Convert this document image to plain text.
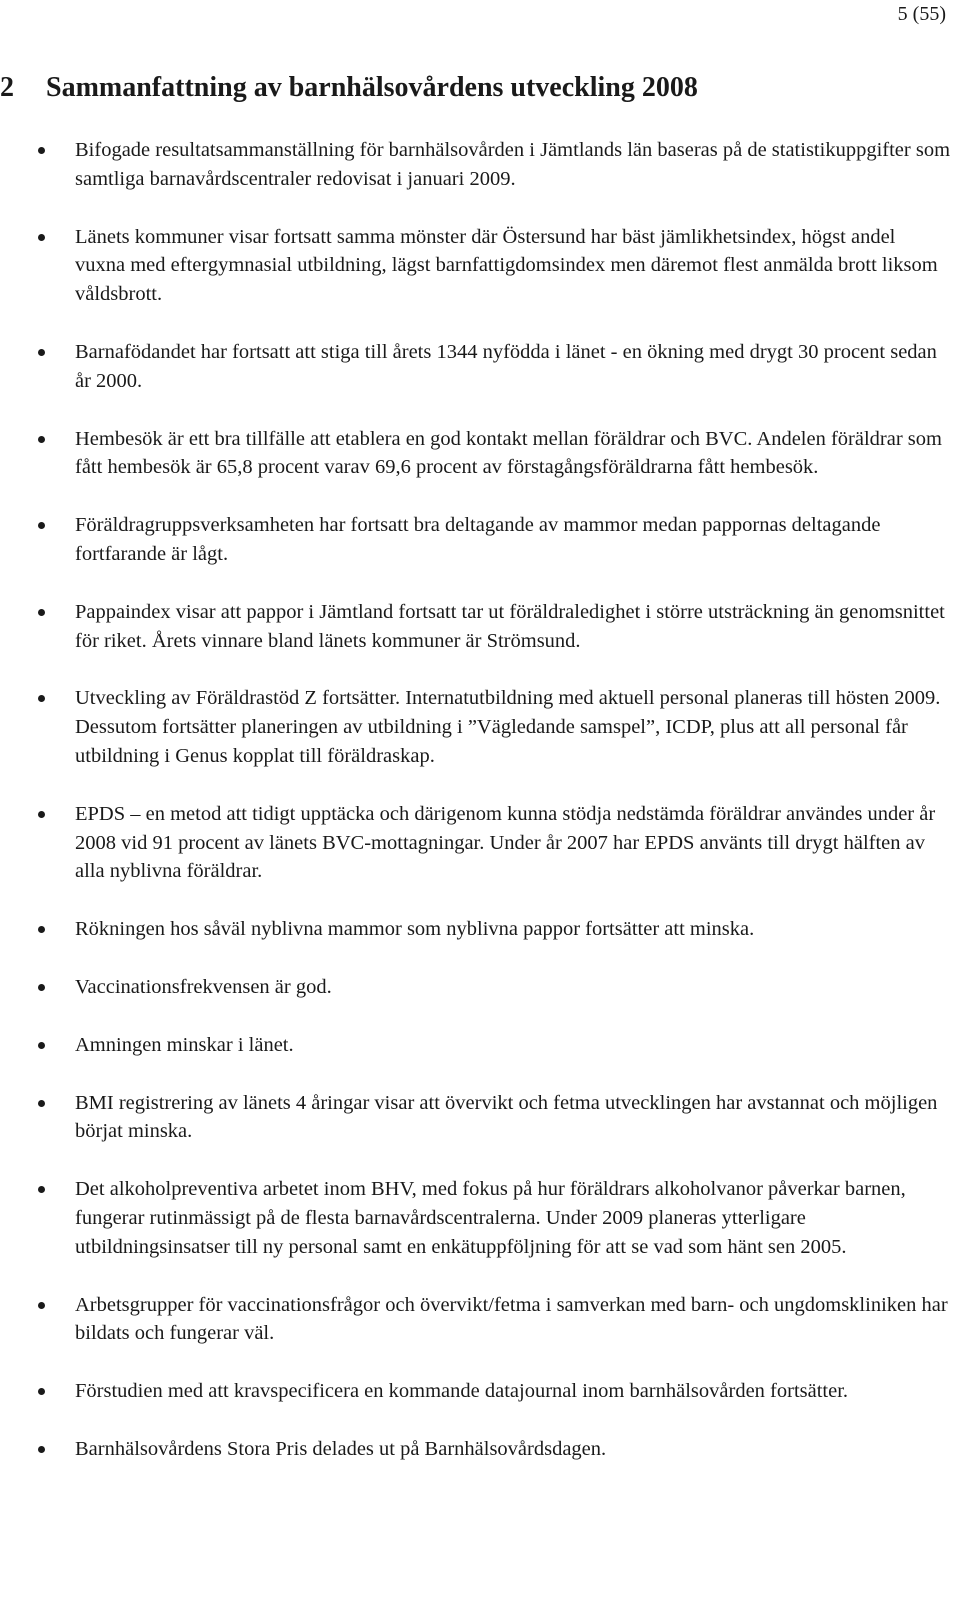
5 (55)
2 Sammanfattning av barnhälsovårdens utveckling 2008
Bifogade resultatsammanställning för barnhälsovården i Jämtlands län baseras på de statistikuppgifter som samtliga barnavårdscentraler redovisat i januari 2009.
Länets kommuner visar fortsatt samma mönster där Östersund har bäst jämlikhetsindex, högst andel vuxna med eftergymnasial utbildning, lägst barnfattigdomsindex men däremot flest anmälda brott liksom våldsbrott.
Barnafödandet har fortsatt att stiga till årets 1344 nyfödda i länet - en ökning med drygt 30 procent sedan år 2000.
Hembesök är ett bra tillfälle att etablera en god kontakt mellan föräldrar och BVC. Andelen föräldrar som fått hembesök är 65,8 procent varav 69,6 procent av förstagångsföräldrarna fått hembesök.
Föräldragruppsverksamheten har fortsatt bra deltagande av mammor medan pappornas deltagande fortfarande är lågt.
Pappaindex visar att pappor i Jämtland fortsatt tar ut föräldraledighet i större utsträckning än genomsnittet för riket. Årets vinnare bland länets kommuner är Strömsund.
Utveckling av Föräldrastöd Z fortsätter. Internatutbildning med aktuell personal planeras till hösten 2009. Dessutom fortsätter planeringen av utbildning i ”Vägledande samspel”, ICDP, plus att all personal får utbildning i Genus kopplat till föräldraskap.
EPDS – en metod att tidigt upptäcka och därigenom kunna stödja nedstämda föräldrar användes under år 2008 vid 91 procent av länets BVC-mottagningar. Under år 2007 har EPDS använts till drygt hälften av alla nyblivna föräldrar.
Rökningen hos såväl nyblivna mammor som nyblivna pappor fortsätter att minska.
Vaccinationsfrekvensen är god.
Amningen minskar i länet.
BMI registrering av länets 4 åringar visar att övervikt och fetma utvecklingen har avstannat och möjligen börjat minska.
Det alkoholpreventiva arbetet inom BHV, med fokus på hur föräldrars alkoholvanor påverkar barnen, fungerar rutinmässigt på de flesta barnavårdscentralerna. Under 2009 planeras ytterligare utbildningsinsatser till ny personal samt en enkätuppföljning för att se vad som hänt sen 2005.
Arbetsgrupper för vaccinationsfrågor och övervikt/fetma i samverkan med barn- och ungdomskliniken har bildats och fungerar väl.
Förstudien med att kravspecificera en kommande datajournal inom barnhälsovården fortsätter.
Barnhälsovårdens Stora Pris delades ut på Barnhälsovårdsdagen.
